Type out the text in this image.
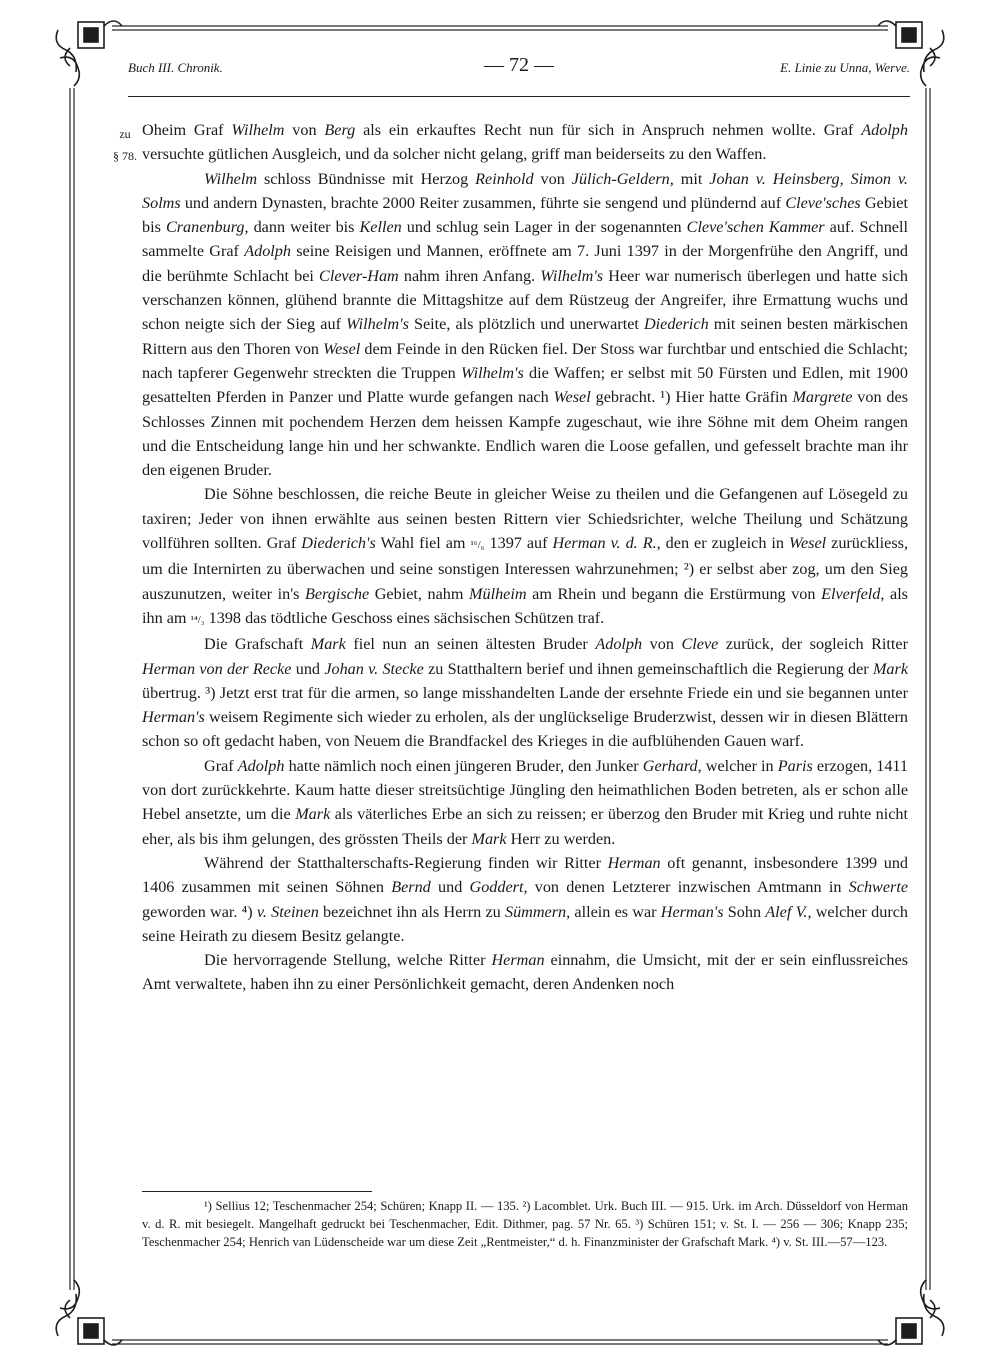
Buch III. Chronik.	— 72 —	E. Linie zu Unna, Werve.
zu
§ 78.

Oheim Graf Wilhelm von Berg als ein erkauftes Recht nun für sich in Anspruch nehmen wollte. Graf Adolph versuchte gütlichen Ausgleich, und da solcher nicht gelang, griff man beiderseits zu den Waffen.

Wilhelm schloss Bündnisse mit Herzog Reinhold von Jülich-Geldern, mit Johan v. Heinsberg, Simon v. Solms und andern Dynasten, brachte 2000 Reiter zusammen, führte sie sengend und plündernd auf Cleve'sches Gebiet bis Cranenburg, dann weiter bis Kellen und schlug sein Lager in der sogenannten Cleve'schen Kammer auf. Schnell sammelte Graf Adolph seine Reisigen und Mannen, eröffnete am 7. Juni 1397 in der Morgenfrühe den Angriff, und die berühmte Schlacht bei Clever-Ham nahm ihren Anfang. Wilhelm's Heer war numerisch überlegen und hatte sich verschanzen können, glühend brannte die Mittagshitze auf dem Rüstzeug der Angreifer, ihre Ermattung wuchs und schon neigte sich der Sieg auf Wilhelm's Seite, als plötzlich und unerwartet Diederich mit seinen besten märkischen Rittern aus den Thoren von Wesel dem Feinde in den Rücken fiel. Der Stoss war furchtbar und entschied die Schlacht; nach tapferer Gegenwehr streckten die Truppen Wilhelm's die Waffen; er selbst mit 50 Fürsten und Edlen, mit 1900 gesattelten Pferden in Panzer und Platte wurde gefangen nach Wesel gebracht. ¹) Hier hatte Gräfin Margrete von des Schlosses Zinnen mit pochendem Herzen dem heissen Kampfe zugeschaut, wie ihre Söhne mit dem Oheim rangen und die Entscheidung lange hin und her schwankte. Endlich waren die Loose gefallen, und gefesselt brachte man ihr den eigenen Bruder.

Die Söhne beschlossen, die reiche Beute in gleicher Weise zu theilen und die Gefangenen auf Lösegeld zu taxiren; Jeder von ihnen erwählte aus seinen besten Rittern vier Schiedsrichter, welche Theilung und Schätzung vollführen sollten. Graf Diederich's Wahl fiel am ¹⁶/₆ 1397 auf Herman v. d. R., den er zugleich in Wesel zurückliess, um die Internirten zu überwachen und seine sonstigen Interessen wahrzunehmen; ²) er selbst aber zog, um den Sieg auszunutzen, weiter in's Bergische Gebiet, nahm Mülheim am Rhein und begann die Erstürmung von Elverfeld, als ihn am ¹⁴/₃ 1398 das tödtliche Geschoss eines sächsischen Schützen traf.

Die Grafschaft Mark fiel nun an seinen ältesten Bruder Adolph von Cleve zurück, der sogleich Ritter Herman von der Recke und Johan v. Stecke zu Statthaltern berief und ihnen gemeinschaftlich die Regierung der Mark übertrug. ³) Jetzt erst trat für die armen, so lange misshandelten Lande der ersehnte Friede ein und sie begannen unter Herman's weisem Regimente sich wieder zu erholen, als der unglückselige Bruderzwist, dessen wir in diesen Blättern schon so oft gedacht haben, von Neuem die Brandfackel des Krieges in die aufblühenden Gauen warf.

Graf Adolph hatte nämlich noch einen jüngeren Bruder, den Junker Gerhard, welcher in Paris erzogen, 1411 von dort zurückkehrte. Kaum hatte dieser streitsüchtige Jüngling den heimathlichen Boden betreten, als er schon alle Hebel ansetzte, um die Mark als väterliches Erbe an sich zu reissen; er überzog den Bruder mit Krieg und ruhte nicht eher, als bis ihm gelungen, des grössten Theils der Mark Herr zu werden.

Während der Statthalterschafts-Regierung finden wir Ritter Herman oft genannt, insbesondere 1399 und 1406 zusammen mit seinen Söhnen Bernd und Goddert, von denen Letzterer inzwischen Amtmann in Schwerte geworden war. ⁴) v. Steinen bezeichnet ihn als Herrn zu Sümmern, allein es war Herman's Sohn Alef V., welcher durch seine Heirath zu diesem Besitz gelangte.

Die hervorragende Stellung, welche Ritter Herman einnahm, die Umsicht, mit der er sein einflussreiches Amt verwaltete, haben ihn zu einer Persönlichkeit gemacht, deren Andenken noch

¹) Sellius 12; Teschenmacher 254; Schüren; Knapp II. — 135. ²) Lacomblet. Urk. Buch III. — 915. Urk. im Arch. Düsseldorf von Herman v. d. R. mit besiegelt. Mangelhaft gedruckt bei Teschenmacher, Edit. Dithmer, pag. 57 Nr. 65. ³) Schüren 151; v. St. I. — 256 — 306; Knapp 235; Teschenmacher 254; Henrich van Lüdenscheide war um diese Zeit „Rentmeister,“ d. h. Finanzminister der Grafschaft Mark. ⁴) v. St. III.—57—123.
